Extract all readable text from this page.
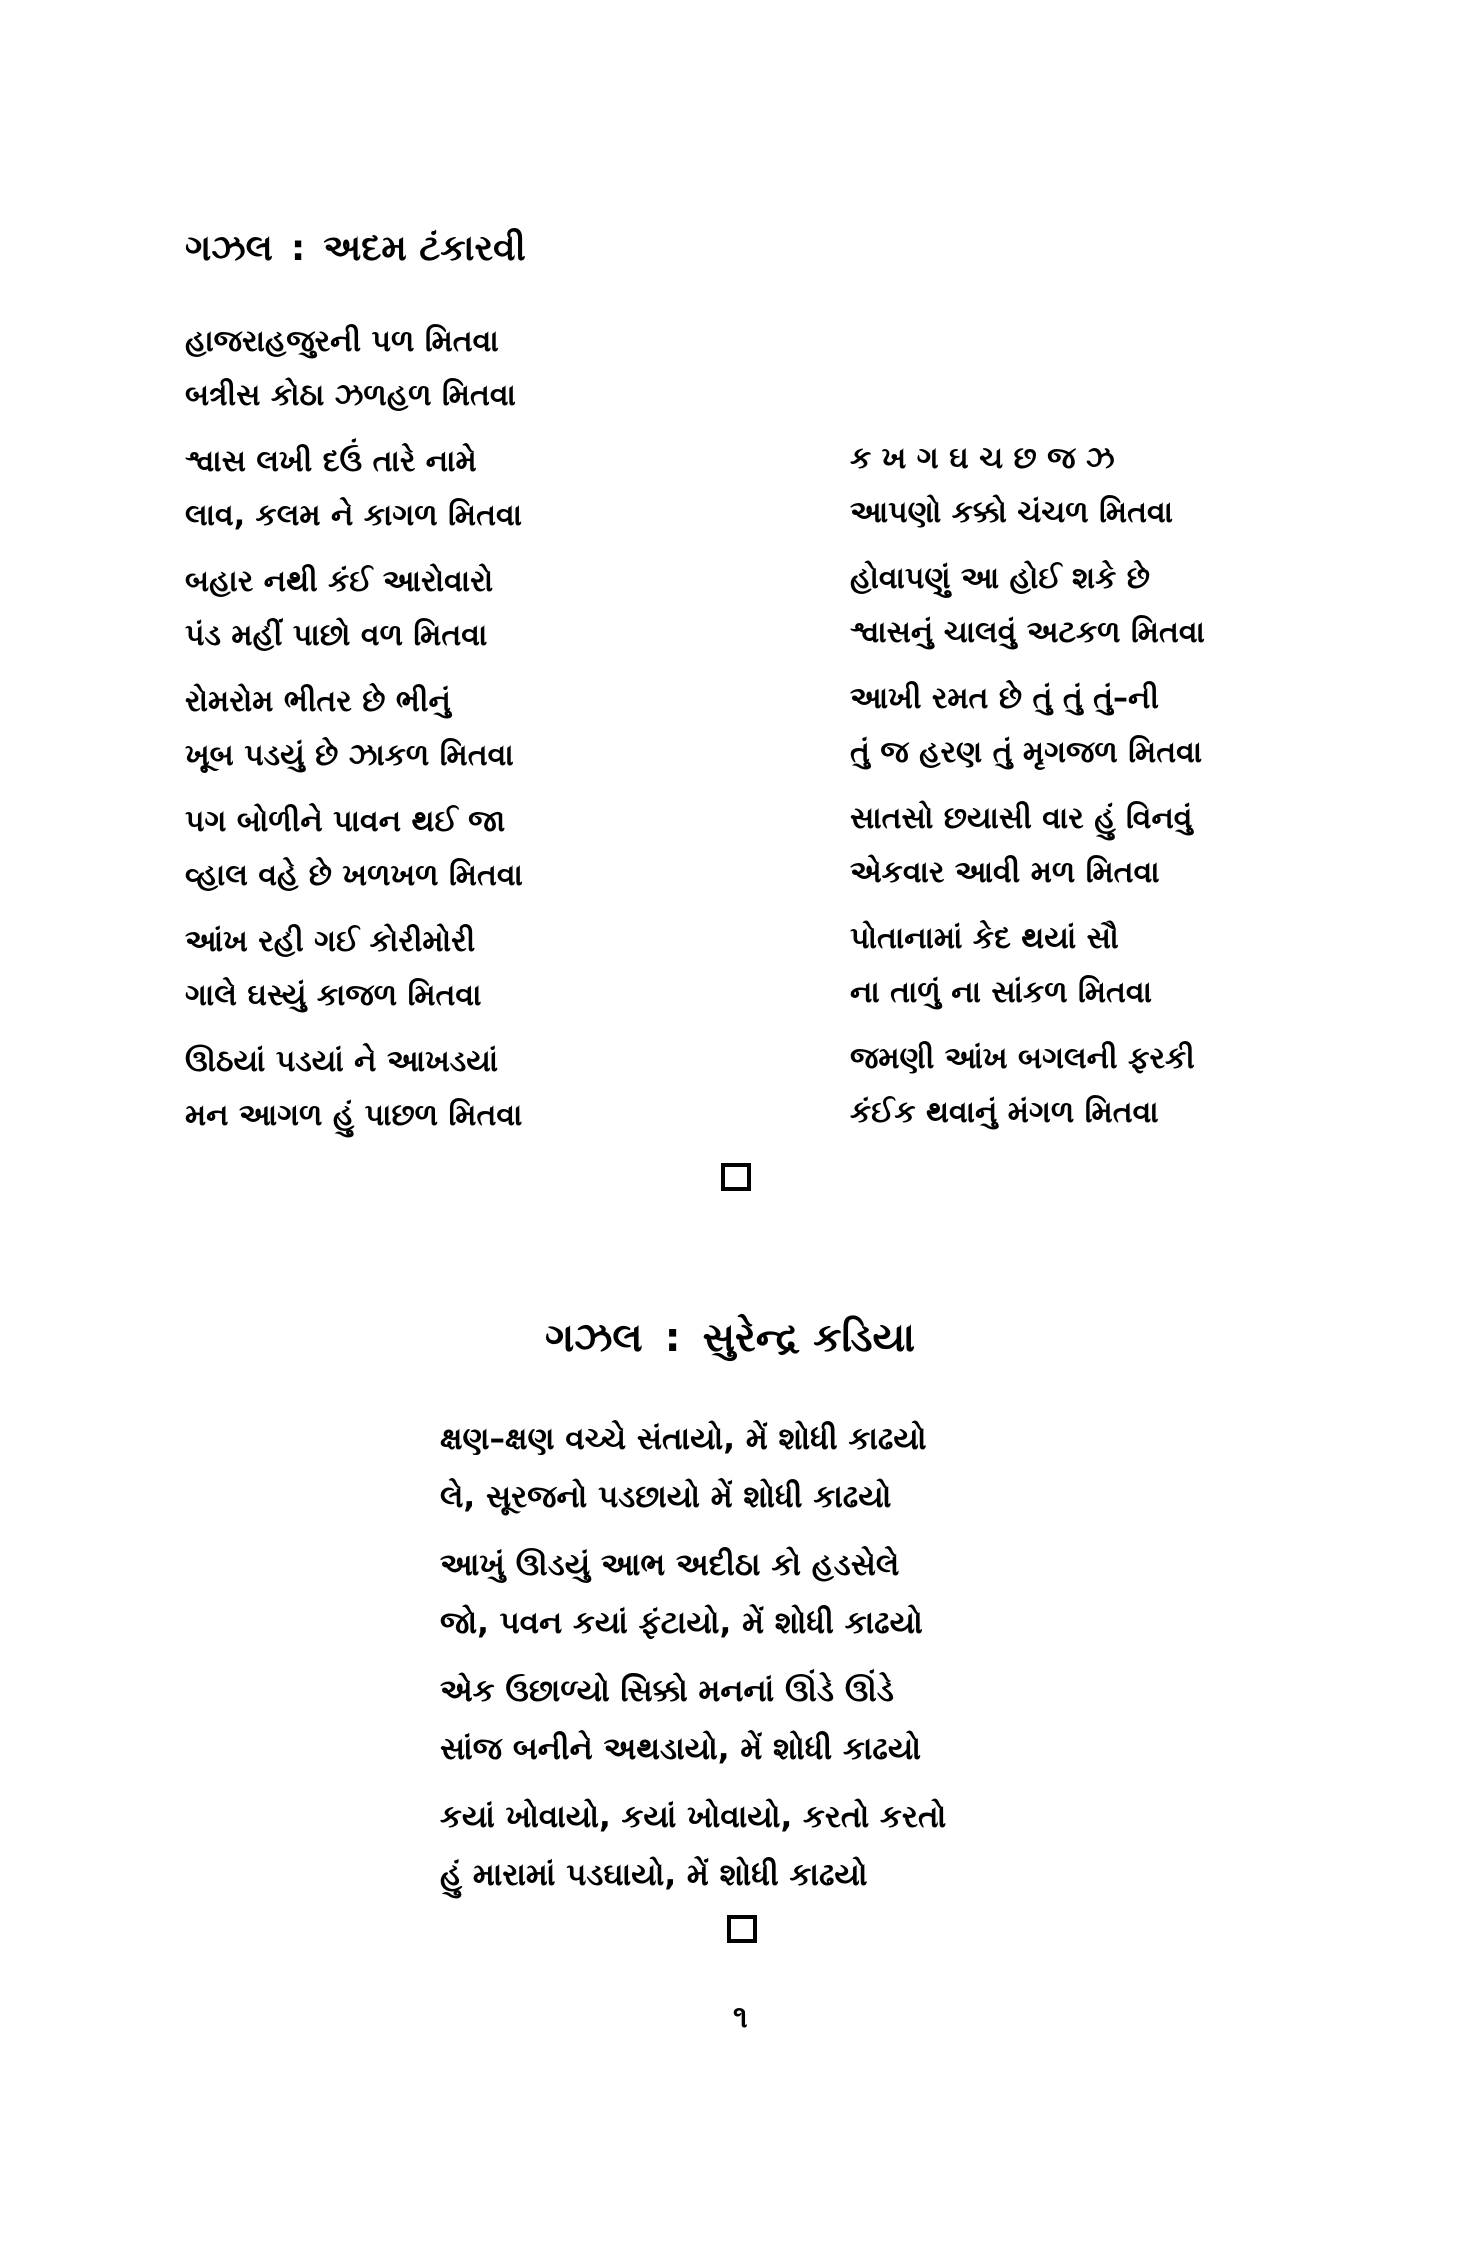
ગઝલ : અદમ ટંકારવી
હાજરાહજુરની પળ મિતવા
બત્રીસ કોઠા ઝળહળ મિતવા
શ્વાસ લખી દઉં તારે નામે
લાવ, કલમ ને કાગળ મિતવા
બહાર નથી કંઈ આરોવારો
પંડ મહીં પાછો વળ મિતવા
રોમરોમ ભીતર છે ભીનું
ખૂબ પડયું છે ઝાકળ મિતવા
પગ બોળીને પાવન થઈ જા
વ્હાલ વહે છે ખળખળ મિતવા
આંખ રહી ગઈ કોરીમોરી
ગાલે ઘસ્યું કાજળ મિતવા
ઊઠયાં પડયાં ને આખડયાં
મન આગળ હું પાછળ મિતવા
ક ખ ગ ઘ ચ છ જ ઝ
આપણો કક્કો ચંચળ મિતવા
હોવાપણું આ હોઈ શકે છે
શ્વાસનું ચાલવું અટકળ મિતવા
આખી રમત છે તું તું તું–ની
તું જ હરણ તું મૃગજળ મિતવા
સાતસો છયાસી વાર હું વિનવું
એકવાર આવી મળ મિતવા
પોતાનામાં કેદ થયાં સૌ
ના તાળું ના સાંકળ મિતવા
જમણી આંખ બગલની ફરકી
કંઈક થવાનું મંગળ મિતવા
ગઝલ : સુરેન્દ્ર કડિયા
ક્ષણ–ક્ષણ વચ્ચે સંતાયો, મેં શોધી કાઢયો
લે, સૂરજનો પડછાયો મેં શોધી કાઢયો
આખું ઊડયું આભ અદીઠા કો હડસેલે
જો, પવન કયાં ફંટાયો, મેં શોધી કાઢયો
એક ઉછાળ્યો સિક્કો મનનાં ઊંડે ઊંડે
સાંજ બનીને અથડાયો, મેં શોધી કાઢયો
કયાં ખોવાયો, કયાં ખોવાયો, કરતો કરતો
હું મારામાં પડઘાયો, મેં શોધી કાઢયો
૧
